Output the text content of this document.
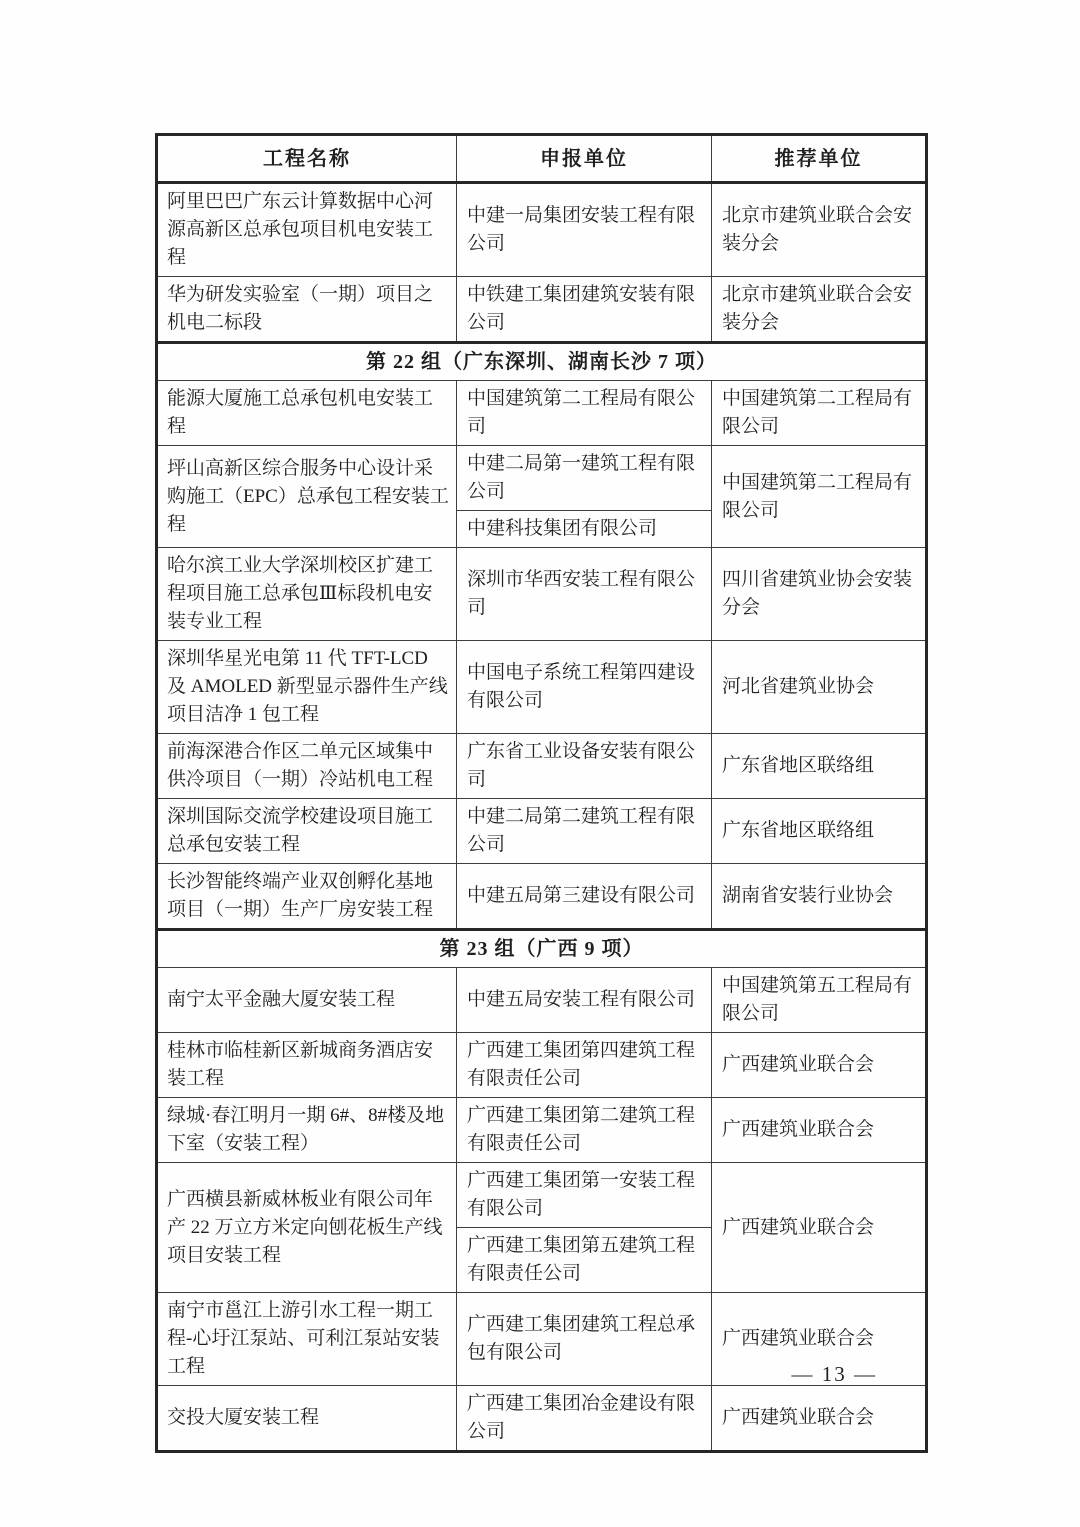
工程名称	申报单位	推荐单位
阿里巴巴广东云计算数据中心河源高新区总承包项目机电安装工程	中建一局集团安装工程有限公司	北京市建筑业联合会安装分会
华为研发实验室（一期）项目之机电二标段	中铁建工集团建筑安装有限公司	北京市建筑业联合会安装分会
第 22 组（广东深圳、湖南长沙 7 项）		
能源大厦施工总承包机电安装工程	中国建筑第二工程局有限公司	中国建筑第二工程局有限公司
坪山高新区综合服务中心设计采购施工（EPC）总承包工程安装工程	中建二局第一建筑工程有限公司	中国建筑第二工程局有限公司
	中建科技集团有限公司	
哈尔滨工业大学深圳校区扩建工程项目施工总承包Ⅲ标段机电安装专业工程	深圳市华西安装工程有限公司	四川省建筑业协会安装分会
深圳华星光电第 11 代 TFT-LCD 及 AMOLED 新型显示器件生产线项目洁净 1 包工程	中国电子系统工程第四建设有限公司	河北省建筑业协会
前海深港合作区二单元区域集中供冷项目（一期）冷站机电工程	广东省工业设备安装有限公司	广东省地区联络组
深圳国际交流学校建设项目施工总承包安装工程	中建二局第二建筑工程有限公司	广东省地区联络组
长沙智能终端产业双创孵化基地项目（一期）生产厂房安装工程	中建五局第三建设有限公司	湖南省安装行业协会
第 23 组（广西 9 项）		
南宁太平金融大厦安装工程	中建五局安装工程有限公司	中国建筑第五工程局有限公司
桂林市临桂新区新城商务酒店安装工程	广西建工集团第四建筑工程有限责任公司	广西建筑业联合会
绿城·春江明月一期 6#、8#楼及地下室（安装工程）	广西建工集团第二建筑工程有限责任公司	广西建筑业联合会
广西横县新威林板业有限公司年产 22 万立方米定向刨花板生产线项目安装工程	广西建工集团第一安装工程有限公司	广西建筑业联合会
	广西建工集团第五建筑工程有限责任公司	
南宁市邕江上游引水工程一期工程-心圩江泵站、可利江泵站安装工程	广西建工集团建筑工程总承包有限公司	广西建筑业联合会
交投大厦安装工程	广西建工集团冶金建设有限公司	广西建筑业联合会
— 13 —
